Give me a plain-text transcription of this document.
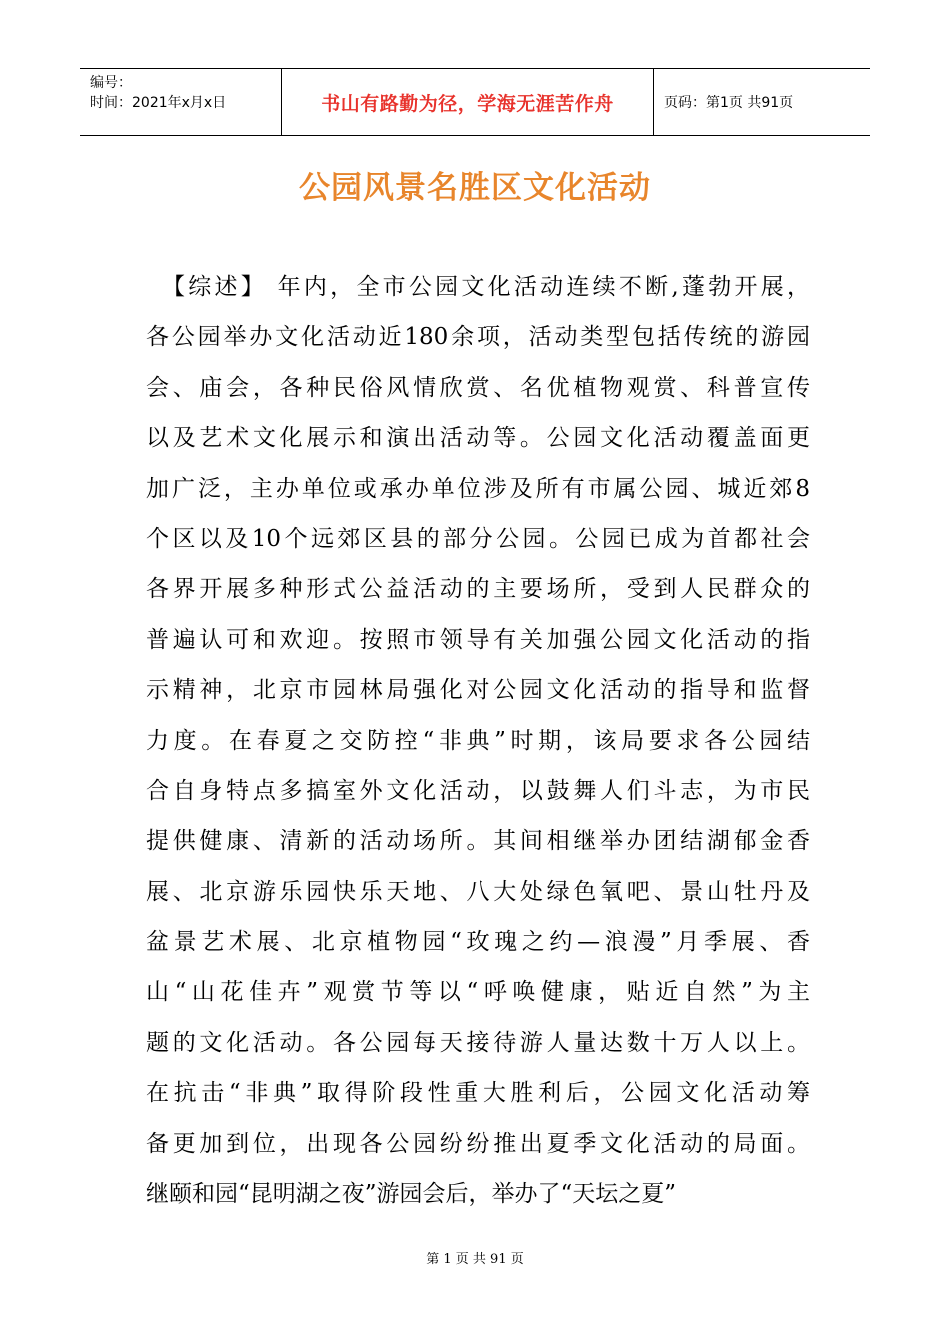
编号：
时间：2021年x月x日	书山有路勤为径，学海无涯苦作舟	页码：第1页 共91页
公园风景名胜区文化活动
【综述】 年内，全市公园文化活动连续不断,蓬勃开展，
各公园举办文化活动近180余项，活动类型包括传统的游园
会、庙会，各种民俗风情欣赏、名优植物观赏、科普宣传
以及艺术文化展示和演出活动等。公园文化活动覆盖面更
加广泛，主办单位或承办单位涉及所有市属公园、城近郊8
个区以及10个远郊区县的部分公园。公园已成为首都社会
各界开展多种形式公益活动的主要场所，受到人民群众的
普遍认可和欢迎。按照市领导有关加强公园文化活动的指
示精神，北京市园林局强化对公园文化活动的指导和监督
力度。在春夏之交防控“非典”时期，该局要求各公园结
合自身特点多搞室外文化活动，以鼓舞人们斗志，为市民
提供健康、清新的活动场所。其间相继举办团结湖郁金香
展、北京游乐园快乐天地、八大处绿色氧吧、景山牡丹及
盆景艺术展、北京植物园“玫瑰之约—浪漫”月季展、香
山“山花佳卉”观赏节等以“呼唤健康，贴近自然”为主
题的文化活动。各公园每天接待游人量达数十万人以上。
在抗击“非典”取得阶段性重大胜利后，公园文化活动筹
备更加到位，出现各公园纷纷推出夏季文化活动的局面。
继颐和园“昆明湖之夜”游园会后，举办了“天坛之夏”
第 1 页 共 91 页
